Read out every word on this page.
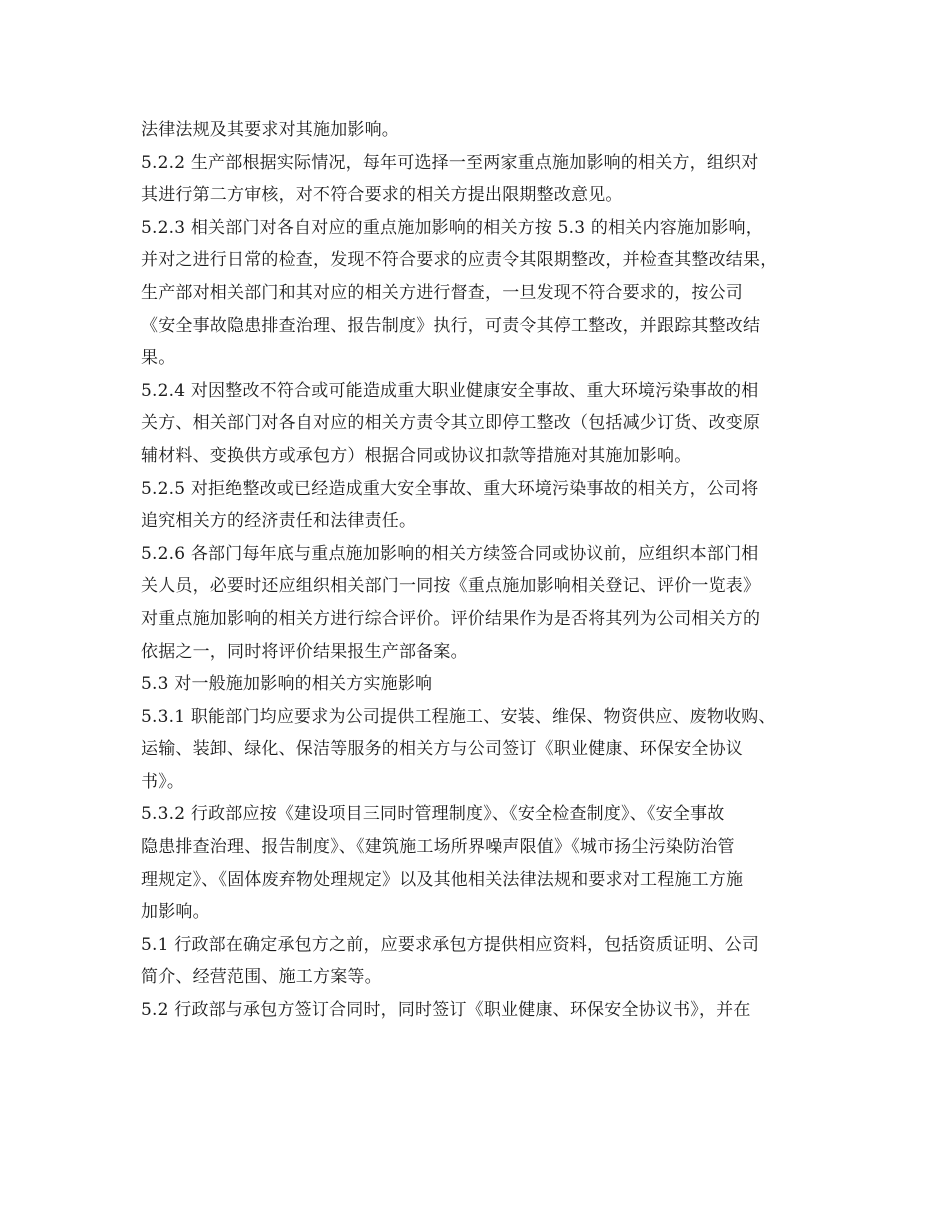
法律法规及其要求对其施加影响。
5.2.2 生产部根据实际情况，每年可选择一至两家重点施加影响的相关方，组织对
其进行第二方审核，对不符合要求的相关方提出限期整改意见。
5.2.3 相关部门对各自对应的重点施加影响的相关方按 5.3 的相关内容施加影响，
并对之进行日常的检查，发现不符合要求的应责令其限期整改，并检查其整改结果，
生产部对相关部门和其对应的相关方进行督查，一旦发现不符合要求的，按公司
《安全事故隐患排查治理、报告制度》执行，可责令其停工整改，并跟踪其整改结
果。
5.2.4 对因整改不符合或可能造成重大职业健康安全事故、重大环境污染事故的相
关方、相关部门对各自对应的相关方责令其立即停工整改（包括减少订货、改变原
辅材料、变换供方或承包方）根据合同或协议扣款等措施对其施加影响。
5.2.5 对拒绝整改或已经造成重大安全事故、重大环境污染事故的相关方，公司将
追究相关方的经济责任和法律责任。
5.2.6 各部门每年底与重点施加影响的相关方续签合同或协议前，应组织本部门相
关人员，必要时还应组织相关部门一同按《重点施加影响相关登记、评价一览表》
对重点施加影响的相关方进行综合评价。评价结果作为是否将其列为公司相关方的
依据之一，同时将评价结果报生产部备案。
5.3 对一般施加影响的相关方实施影响
5.3.1 职能部门均应要求为公司提供工程施工、安装、维保、物资供应、废物收购、
运输、装卸、绿化、保洁等服务的相关方与公司签订《职业健康、环保安全协议
书》。
5.3.2 行政部应按《建设项目三同时管理制度》、《安全检查制度》、《安全事故
隐患排查治理、报告制度》、《建筑施工场所界噪声限值》《城市扬尘污染防治管
理规定》、《固体废弃物处理规定》以及其他相关法律法规和要求对工程施工方施
加影响。
5.1 行政部在确定承包方之前，应要求承包方提供相应资料，包括资质证明、公司
简介、经营范围、施工方案等。
5.2 行政部与承包方签订合同时，同时签订《职业健康、环保安全协议书》，并在
